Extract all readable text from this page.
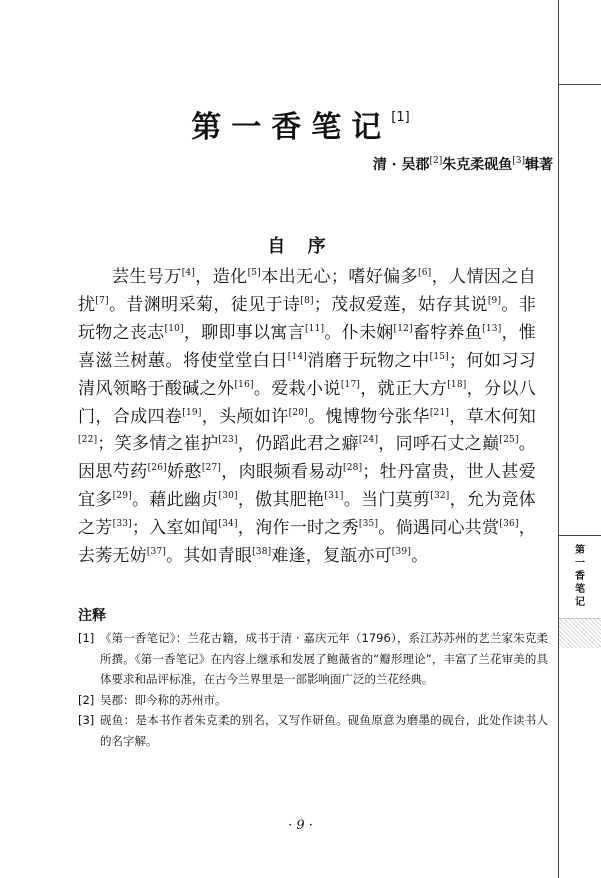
第
一
香
笔
记
第一香笔记[1]
清 · 吴郡[2]朱克柔砚鱼[3]辑著
自 序

芸生号万[4]，造化[5]本出无心；嗜好偏多[6]，人情因之自扰[7]。昔渊明采菊，徒见于诗[8]；茂叔爱莲，姑存其说[9]。非玩物之丧志[10]，聊即事以寓言[11]。仆未娴[12]畜牸养鱼[13]，惟喜滋兰树蕙。将使堂堂白日[14]消磨于玩物之中[15]；何如习习清风领略于酸碱之外[16]。爱栽小说[17]，就正大方[18]，分以八门，合成四卷[19]，头颅如许[20]。愧博物兮张华[21]，草木何知[22]；笑多情之崔护[23]，仍蹈此君之癖[24]，同呼石丈之巅[25]。因思芍药[26]娇憨[27]，肉眼频看易动[28]；牡丹富贵，世人甚爱宜多[29]。藉此幽贞[30]，傲其肥艳[31]。当门莫剪[32]，允为竞体之芳[33]；入室如闻[34]，洵作一时之秀[35]。倘遇同心共赏[36]，去莠无妨[37]。其如青眼[38]难逢，复瓿亦可[39]。

注释
[1] 《第一香笔记》：兰花古籍，成书于清 · 嘉庆元年（1796），系江苏苏州的艺兰家朱克柔所撰。《第一香笔记》在内容上继承和发展了鲍薇省的“瓣形理论”，丰富了兰花审美的具体要求和品评标准，在古今兰界里是一部影响面广泛的兰花经典。
[2] 吴郡：即今称的苏州市。
[3] 砚鱼：是本书作者朱克柔的别名，又写作研鱼。砚鱼原意为磨墨的砚台，此处作读书人的名字解。
· 9 ·
